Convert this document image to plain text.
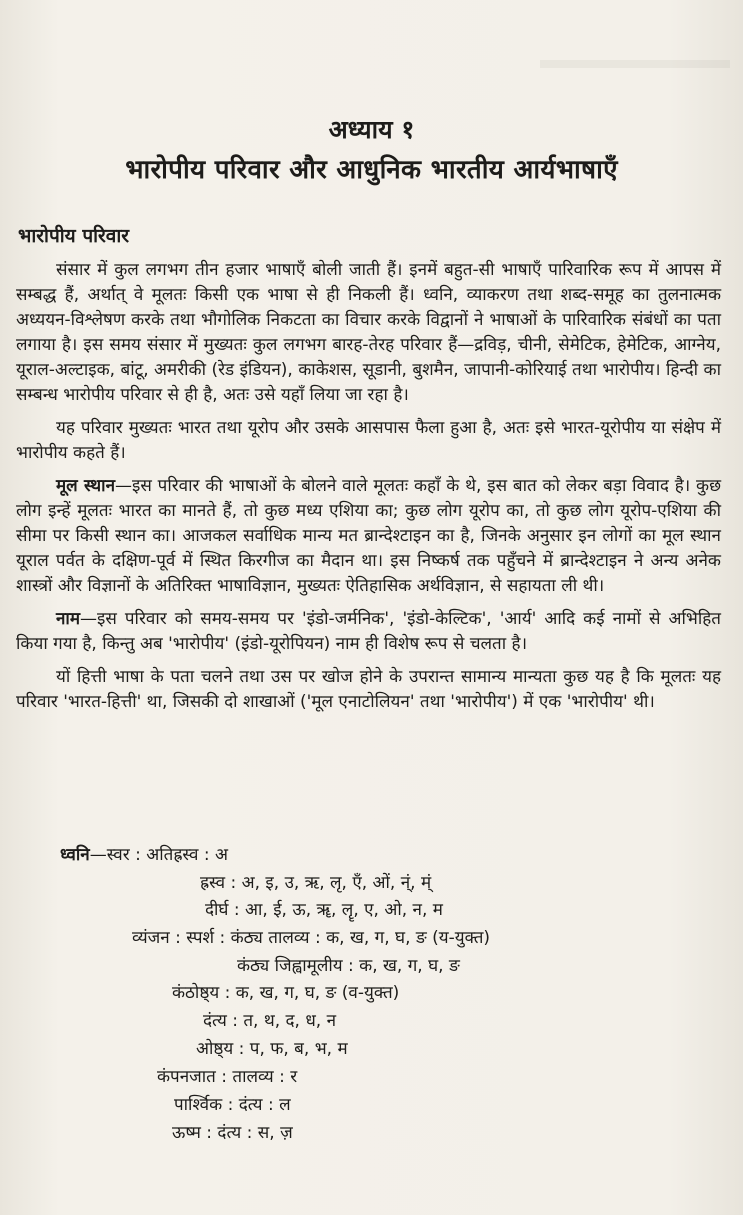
अध्याय १
भारोपीय परिवार और आधुनिक भारतीय आर्यभाषाएँ
भारोपीय परिवार

संसार में कुल लगभग तीन हजार भाषाएँ बोली जाती हैं। इनमें बहुत-सी भाषाएँ पारिवारिक रूप में आपस में सम्बद्ध हैं, अर्थात् वे मूलतः किसी एक भाषा से ही निकली हैं। ध्वनि, व्याकरण तथा शब्द-समूह का तुलनात्मक अध्ययन-विश्लेषण करके तथा भौगोलिक निकटता का विचार करके विद्वानों ने भाषाओं के पारिवारिक संबंधों का पता लगाया है। इस समय संसार में मुख्यतः कुल लगभग बारह-तेरह परिवार हैं—द्रविड़, चीनी, सेमेटिक, हेमेटिक, आग्नेय, यूराल-अल्टाइक, बांटू, अमरीकी (रेड इंडियन), काकेशस, सूडानी, बुशमैन, जापानी-कोरियाई तथा भारोपीय। हिन्दी का सम्बन्ध भारोपीय परिवार से ही है, अतः उसे यहाँ लिया जा रहा है।

यह परिवार मुख्यतः भारत तथा यूरोप और उसके आसपास फैला हुआ है, अतः इसे भारत-यूरोपीय या संक्षेप में भारोपीय कहते हैं।

मूल स्थान—इस परिवार की भाषाओं के बोलने वाले मूलतः कहाँ के थे, इस बात को लेकर बड़ा विवाद है। कुछ लोग इन्हें मूलतः भारत का मानते हैं, तो कुछ मध्य एशिया का; कुछ लोग यूरोप का, तो कुछ लोग यूरोप-एशिया की सीमा पर किसी स्थान का। आजकल सर्वाधिक मान्य मत ब्रान्देश्टाइन का है, जिनके अनुसार इन लोगों का मूल स्थान यूराल पर्वत के दक्षिण-पूर्व में स्थित किरगीज का मैदान था। इस निष्कर्ष तक पहुँचने में ब्रान्देश्टाइन ने अन्य अनेक शास्त्रों और विज्ञानों के अतिरिक्त भाषाविज्ञान, मुख्यतः ऐतिहासिक अर्थविज्ञान, से सहायता ली थी।

नाम—इस परिवार को समय-समय पर 'इंडो-जर्मनिक', 'इंडो-केल्टिक', 'आर्य' आदि कई नामों से अभिहित किया गया है, किन्तु अब 'भारोपीय' (इंडो-यूरोपियन) नाम ही विशेष रूप से चलता है।

यों हित्ती भाषा के पता चलने तथा उस पर खोज होने के उपरान्त सामान्य मान्यता कुछ यह है कि मूलतः यह परिवार 'भारत-हित्ती' था, जिसकी दो शाखाओं ('मूल एनाटोलियन' तथा 'भारोपीय') में एक 'भारोपीय' थी।

ध्वनि—स्वर : अतिह्रस्व : अ
ह्रस्व : अ, इ, उ, ऋ, लृ, एँ, ओं, न्ं, म्ं
दीर्घ : आ, ई, ऊ, ॠ, लॄ, ए, ओ, न, म
व्यंजन : स्पर्श : कंठ्य तालव्य : क, ख, ग, घ, ङ (य-युक्त)
कंठ्य जिह्वामूलीय : क, ख, ग, घ, ङ
कंठोष्ठ्य : क, ख, ग, घ, ङ (व-युक्त)
दंत्य : त, थ, द, ध, न
ओष्ठ्य : प, फ, ब, भ, म
कंपनजात : तालव्य : र
पार्श्विक : दंत्य : ल
ऊष्म : दंत्य : स, ज़
